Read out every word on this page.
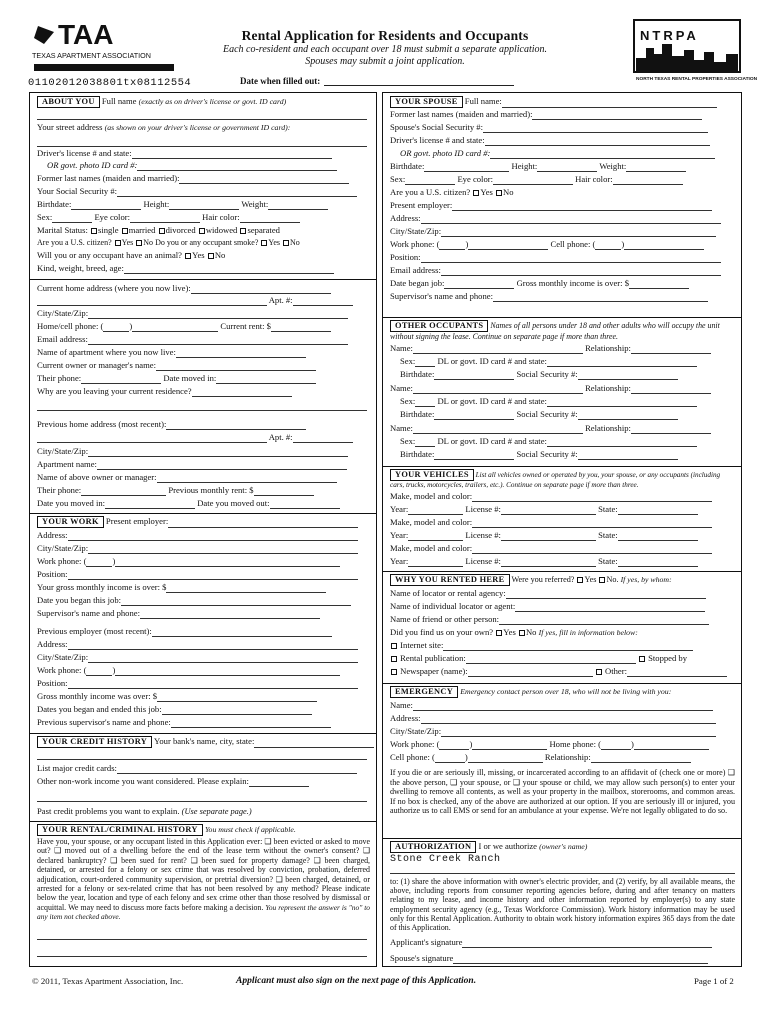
TAA
TEXAS APARTMENT ASSOCIATION
NTRPA
NORTH TEXAS RENTAL PROPERTIES ASSOCIATION
Rental Application for Residents and Occupants
Each co-resident and each occupant over 18 must submit a separate application.
Spouses may submit a joint application.
01102012038801tx08112554	Date when filled out:
ABOUT YOU Full name (exactly as on driver's license or govt. ID card)
Your street address (as shown on your driver's license or government ID card):
Driver's license # and state:
OR govt. photo ID card #:
Former last names (maiden and married):
Your Social Security #:
Birthdate:	Height:	Weight:
Sex:	Eye color:	Hair color:
Marital Status: single married divorced widowed separated
Are you a U.S. citizen? Yes No Do you or any occupant smoke? Yes No
Will you or any occupant have an animal? Yes No
Kind, weight, breed, age:
Current home address (where you now live):
Apt. #:
City/State/Zip:
Home/cell phone: (	)	Current rent: $
Email address:
Name of apartment where you now live:
Current owner or manager's name:
Their phone:	Date moved in:
Why are you leaving your current residence?
Previous home address (most recent):
Apt. #:
City/State/Zip:
Apartment name:
Name of above owner or manager:
Their phone:	Previous monthly rent: $
Date you moved in:	Date you moved out:
YOUR WORK Present employer:
Address:
City/State/Zip:
Work phone: (	)
Position:
Your gross monthly income is over: $
Date you began this job:
Supervisor's name and phone:
Previous employer (most recent):
Address:
City/State/Zip:
Work phone: (	)
Position:
Gross monthly income was over: $
Dates you began and ended this job:
Previous supervisor's name and phone:
YOUR CREDIT HISTORY Your bank's name, city, state:
List major credit cards:
Other non-work income you want considered. Please explain:
Past credit problems you want to explain. (Use separate page.)
YOUR RENTAL/CRIMINAL HISTORY You must check if applicable.
Have you, your spouse, or any occupant listed in this Application ever: ❑ been evicted or asked to move out? ❑ moved out of a dwelling before the end of the lease term without the owner's consent? ❑ declared bankruptcy? ❑ been sued for rent? ❑ been sued for property damage? ❑ been charged, detained, or arrested for a felony or sex crime that was resolved by conviction, probation, deferred adjudication, court-ordered community supervision, or pretrial diversion? ❑ been charged, detained, or arrested for a felony or sex-related crime that has not been resolved by any method? Please indicate below the year, location and type of each felony and sex crime other than those resolved by dismissal or acquittal. We may need to discuss more facts before making a decision. You represent the answer is "no" to any item not checked above.
YOUR SPOUSE Full name:
Former last names (maiden and married):
Spouse's Social Security #:
Driver's license # and state:
OR govt. photo ID card #:
Birthdate:	Height:	Weight:
Sex:	Eye color:	Hair color:
Are you a U.S. citizen? Yes No
Present employer:
Address:
City/State/Zip:
Work phone: (	)	Cell phone: (	)
Position:
Email address:
Date began job:	Gross monthly income is over: $
Supervisor's name and phone:
OTHER OCCUPANTS Names of all persons under 18 and other adults who will occupy the unit without signing the lease. Continue on separate page if more than three.
Name:	Relationship:
Sex:	DL or govt. ID card # and state:
Birthdate:	Social Security #:
Name:	Relationship:
Sex:	DL or govt. ID card # and state:
Birthdate:	Social Security #:
Name:	Relationship:
Sex:	DL or govt. ID card # and state:
Birthdate:	Social Security #:
YOUR VEHICLES List all vehicles owned or operated by you, your spouse, or any occupants (including cars, trucks, motorcycles, trailers, etc.). Continue on separate page if more than three.
Make, model and color:
Year:	License #:	State:
Make, model and color:
Year:	License #:	State:
Make, model and color:
Year:	License #:	State:
WHY YOU RENTED HERE Were you referred? Yes No. If yes, by whom:
Name of locator or rental agency:
Name of individual locator or agent:
Name of friend or other person:
Did you find us on your own? Yes No If yes, fill in information below:
Internet site:
Rental publication:	Stopped by
Newspaper (name):	Other:
EMERGENCY Emergency contact person over 18, who will not be living with you:
Name:
Address:
City/State/Zip:
Work phone: (	)	Home phone: (	)
Cell phone: (	)	Relationship:
If you die or are seriously ill, missing, or incarcerated according to an affidavit of (check one or more) ❑ the above person, ❑ your spouse, or ❑ your spouse or child, we may allow such person(s) to enter your dwelling to remove all contents, as well as your property in the mailbox, storerooms, and common areas. If no box is checked, any of the above are authorized at our option. If you are seriously ill or injured, you authorize us to call EMS or send for an ambulance at your expense. We're not legally obligated to do so.
AUTHORIZATION I or we authorize (owner's name)
Stone Creek Ranch
to: (1) share the above information with owner's electric provider, and (2) verify, by all available means, the above, including reports from consumer reporting agencies before, during and after tenancy on matters relating to my lease, and income history and other information reported by employer(s) to any state employment security agency (e.g., Texas Workforce Commission). Work history information may be used only for this Rental Application. Authority to obtain work history information expires 365 days from the date of this Application.
Applicant's signature
Spouse's signature
© 2011, Texas Apartment Association, Inc.	Applicant must also sign on the next page of this Application.	Page 1 of 2
